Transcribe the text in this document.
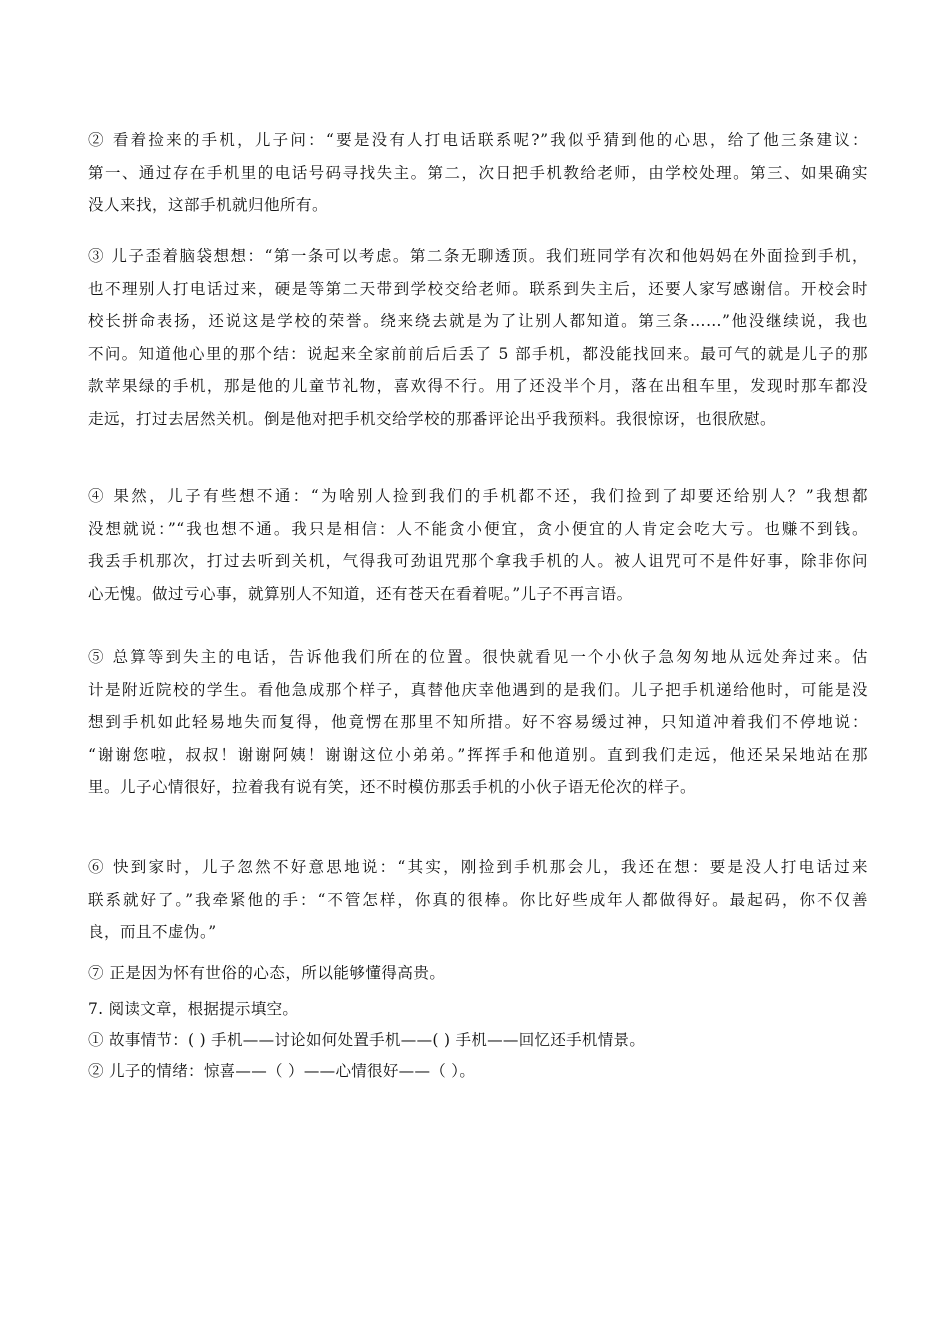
② 看着捡来的手机，儿子问：“要是没有人打电话联系呢?”我似乎猜到他的心思，给了他三条建议：
第一、通过存在手机里的电话号码寻找失主。第二，次日把手机教给老师，由学校处理。第三、如果确实
没人来找，这部手机就归他所有。
③ 儿子歪着脑袋想想：“第一条可以考虑。第二条无聊透顶。我们班同学有次和他妈妈在外面捡到手机，
也不理别人打电话过来，硬是等第二天带到学校交给老师。联系到失主后，还要人家写感谢信。开校会时
校长拼命表扬，还说这是学校的荣誉。绕来绕去就是为了让别人都知道。第三条……”他没继续说，我也
不问。知道他心里的那个结：说起来全家前前后后丢了 5 部手机，都没能找回来。最可气的就是儿子的那
款苹果绿的手机，那是他的儿童节礼物，喜欢得不行。用了还没半个月，落在出租车里，发现时那车都没
走远，打过去居然关机。倒是他对把手机交给学校的那番评论出乎我预料。我很惊讶，也很欣慰。
④ 果然，儿子有些想不通：“为啥别人捡到我们的手机都不还，我们捡到了却要还给别人？”我想都
没想就说：”“我也想不通。我只是相信：人不能贪小便宜，贪小便宜的人肯定会吃大亏。也赚不到钱。
我丢手机那次，打过去听到关机，气得我可劲诅咒那个拿我手机的人。被人诅咒可不是件好事，除非你问
心无愧。做过亏心事，就算别人不知道，还有苍天在看着呢。”儿子不再言语。
⑤ 总算等到失主的电话，告诉他我们所在的位置。很快就看见一个小伙子急匆匆地从远处奔过来。估
计是附近院校的学生。看他急成那个样子，真替他庆幸他遇到的是我们。儿子把手机递给他时，可能是没
想到手机如此轻易地失而复得，他竟愣在那里不知所措。好不容易缓过神，只知道冲着我们不停地说：
“谢谢您啦，叔叔！谢谢阿姨！谢谢这位小弟弟。”挥挥手和他道别。直到我们走远，他还呆呆地站在那
里。儿子心情很好，拉着我有说有笑，还不时模仿那丢手机的小伙子语无伦次的样子。
⑥ 快到家时，儿子忽然不好意思地说：“其实，刚捡到手机那会儿，我还在想：要是没人打电话过来
联系就好了。”我牵紧他的手：“不管怎样，你真的很棒。你比好些成年人都做得好。最起码，你不仅善
良，而且不虚伪。”
⑦ 正是因为怀有世俗的心态，所以能够懂得高贵。
7. 阅读文章，根据提示填空。
① 故事情节：( ) 手机——讨论如何处置手机——( ) 手机——回忆还手机情景。
② 儿子的情绪：惊喜——（ ）——心情很好——（ ）。
